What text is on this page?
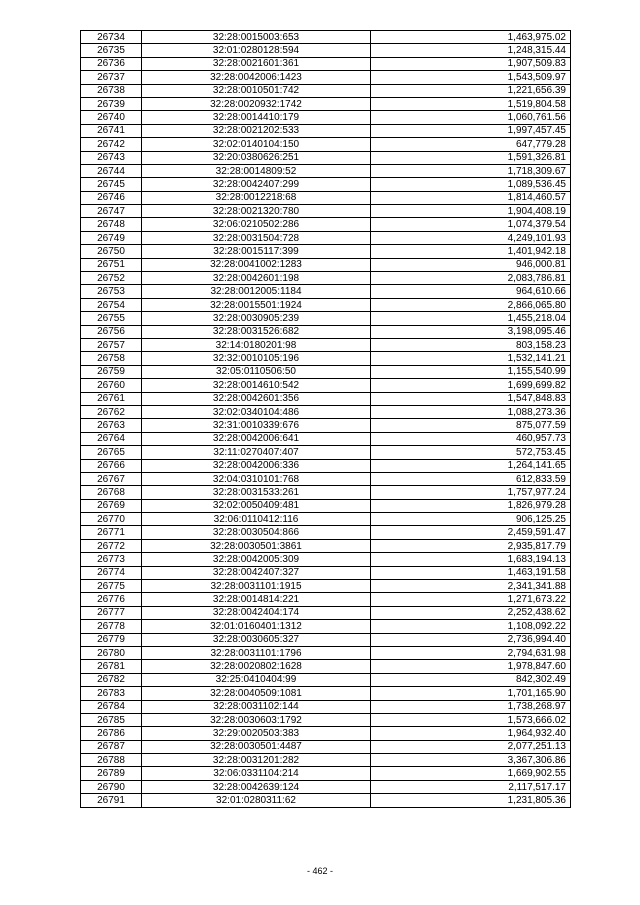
26734	32:28:0015003:653	1,463,975.02
26735	32:01:0280128:594	1,248,315.44
26736	32:28:0021601:361	1,907,509.83
26737	32:28:0042006:1423	1,543,509.97
26738	32:28:0010501:742	1,221,656.39
26739	32:28:0020932:1742	1,519,804.58
26740	32:28:0014410:179	1,060,761.56
26741	32:28:0021202:533	1,997,457.45
26742	32:02:0140104:150	647,779.28
26743	32:20:0380626:251	1,591,326.81
26744	32:28:0014809:52	1,718,309.67
26745	32:28:0042407:299	1,089,536.45
26746	32:28:0012218:68	1,814,460.57
26747	32:28:0021320:780	1,904,408.19
26748	32:06:0210502:286	1,074,379.54
26749	32:28:0031504:728	4,249,101.93
26750	32:28:0015117:399	1,401,942.18
26751	32:28:0041002:1283	946,000.81
26752	32:28:0042601:198	2,083,786.81
26753	32:28:0012005:1184	964,610.66
26754	32:28:0015501:1924	2,866,065.80
26755	32:28:0030905:239	1,455,218.04
26756	32:28:0031526:682	3,198,095.46
26757	32:14:0180201:98	803,158.23
26758	32:32:0010105:196	1,532,141.21
26759	32:05:0110506:50	1,155,540.99
26760	32:28:0014610:542	1,699,699.82
26761	32:28:0042601:356	1,547,848.83
26762	32:02:0340104:486	1,088,273.36
26763	32:31:0010339:676	875,077.59
26764	32:28:0042006:641	460,957.73
26765	32:11:0270407:407	572,753.45
26766	32:28:0042006:336	1,264,141.65
26767	32:04:0310101:768	612,833.59
26768	32:28:0031533:261	1,757,977.24
26769	32:02:0050409:481	1,826,979.28
26770	32:06:0110412:116	906,125.25
26771	32:28:0030504:866	2,459,591.47
26772	32:28:0030501:3861	2,935,817.79
26773	32:28:0042005:309	1,683,194.13
26774	32:28:0042407:327	1,463,191.58
26775	32:28:0031101:1915	2,341,341.88
26776	32:28:0014814:221	1,271,673.22
26777	32:28:0042404:174	2,252,438.62
26778	32:01:0160401:1312	1,108,092.22
26779	32:28:0030605:327	2,736,994.40
26780	32:28:0031101:1796	2,794,631.98
26781	32:28:0020802:1628	1,978,847.60
26782	32:25:0410404:99	842,302.49
26783	32:28:0040509:1081	1,701,165.90
26784	32:28:0031102:144	1,738,268.97
26785	32:28:0030603:1792	1,573,666.02
26786	32:29:0020503:383	1,964,932.40
26787	32:28:0030501:4487	2,077,251.13
26788	32:28:0031201:282	3,367,306.86
26789	32:06:0331104:214	1,669,902.55
26790	32:28:0042639:124	2,117,517.17
26791	32:01:0280311:62	1,231,805.36
- 462 -
